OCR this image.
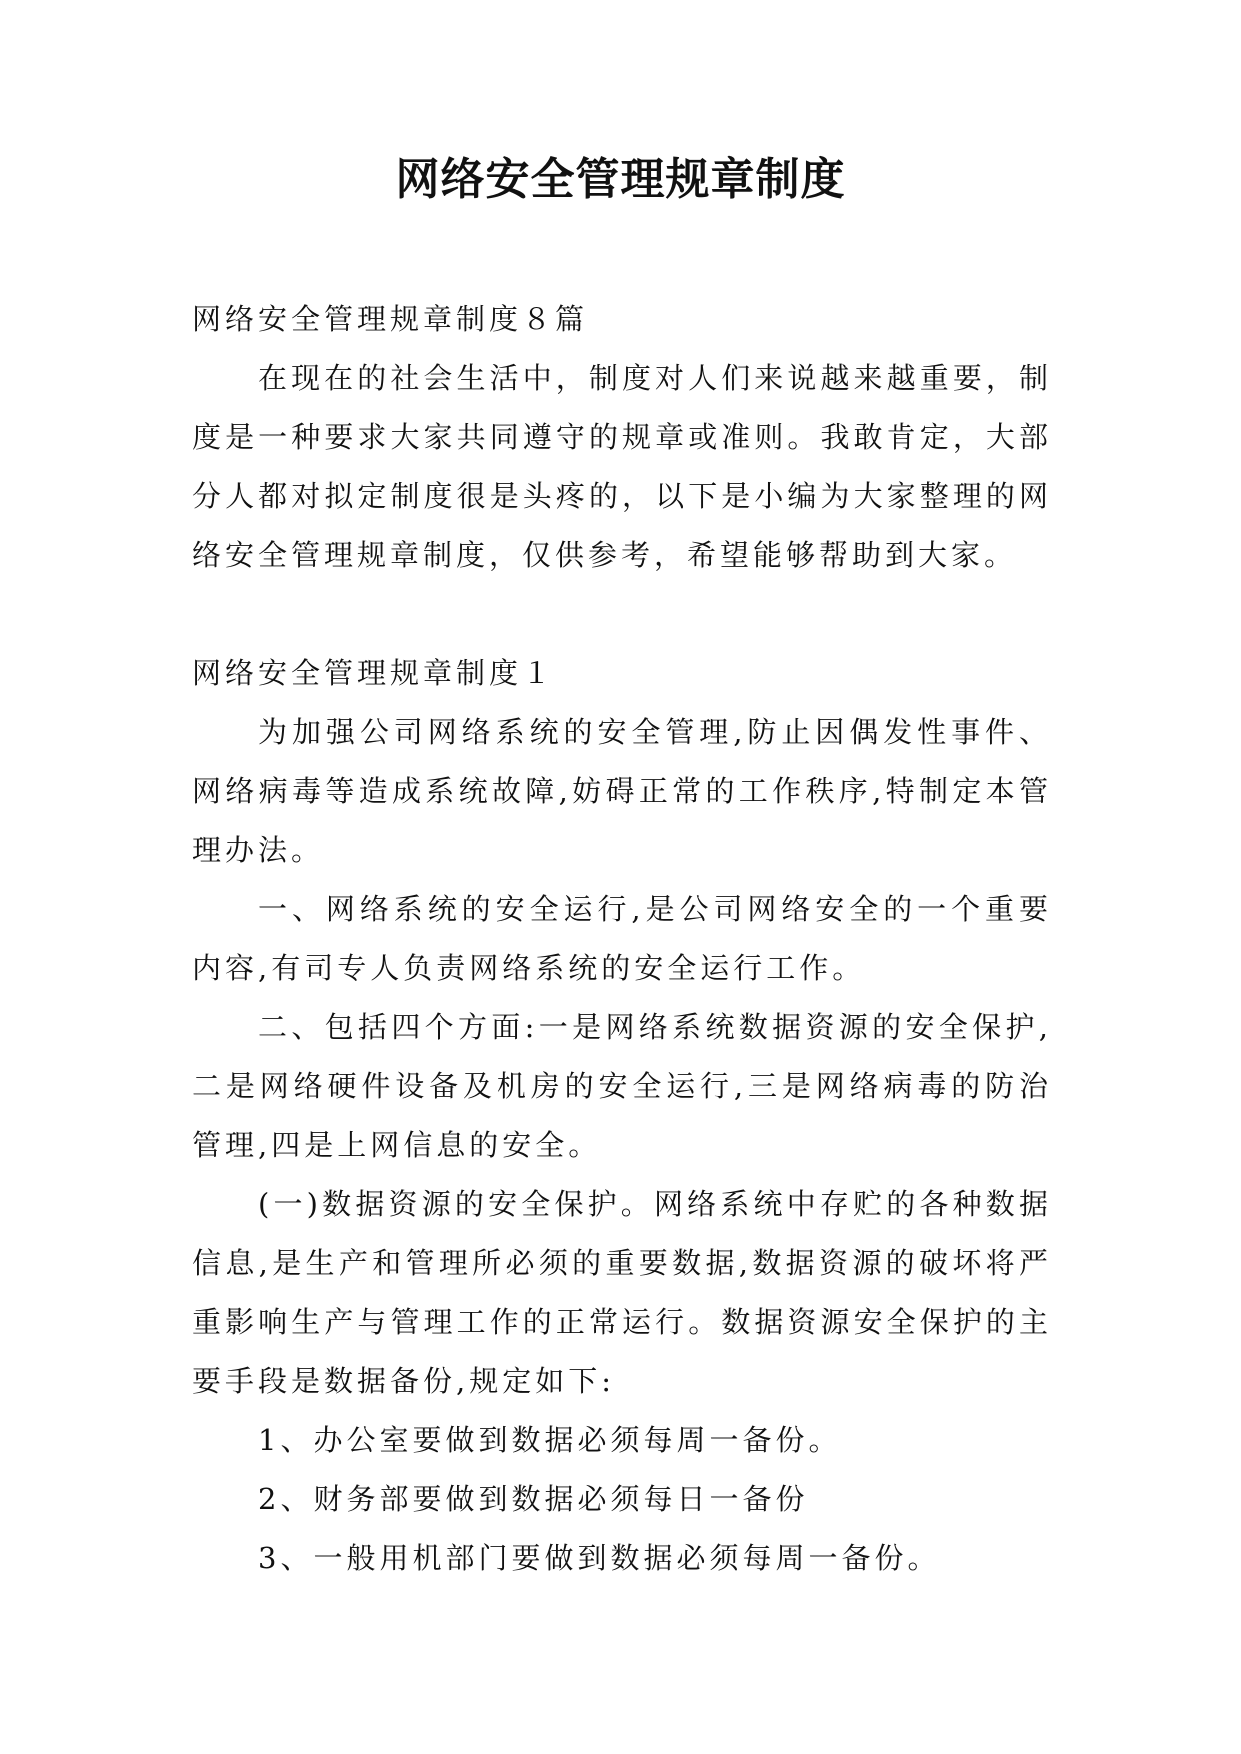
网络安全管理规章制度

网络安全管理规章制度８篇

在现在的社会生活中，制度对人们来说越来越重要，制度是一种要求大家共同遵守的规章或准则。我敢肯定，大部分人都对拟定制度很是头疼的，以下是小编为大家整理的网络安全管理规章制度，仅供参考，希望能够帮助到大家。

网络安全管理规章制度１

为加强公司网络系统的安全管理,防止因偶发性事件、网络病毒等造成系统故障,妨碍正常的工作秩序,特制定本管理办法。

一、网络系统的安全运行,是公司网络安全的一个重要内容,有司专人负责网络系统的安全运行工作。

二、包括四个方面:一是网络系统数据资源的安全保护,二是网络硬件设备及机房的安全运行,三是网络病毒的防治管理,四是上网信息的安全。

(一)数据资源的安全保护。网络系统中存贮的各种数据信息,是生产和管理所必须的重要数据,数据资源的破坏将严重影响生产与管理工作的正常运行。数据资源安全保护的主要手段是数据备份,规定如下:

1、办公室要做到数据必须每周一备份。

2、财务部要做到数据必须每日一备份

3、一般用机部门要做到数据必须每周一备份。
